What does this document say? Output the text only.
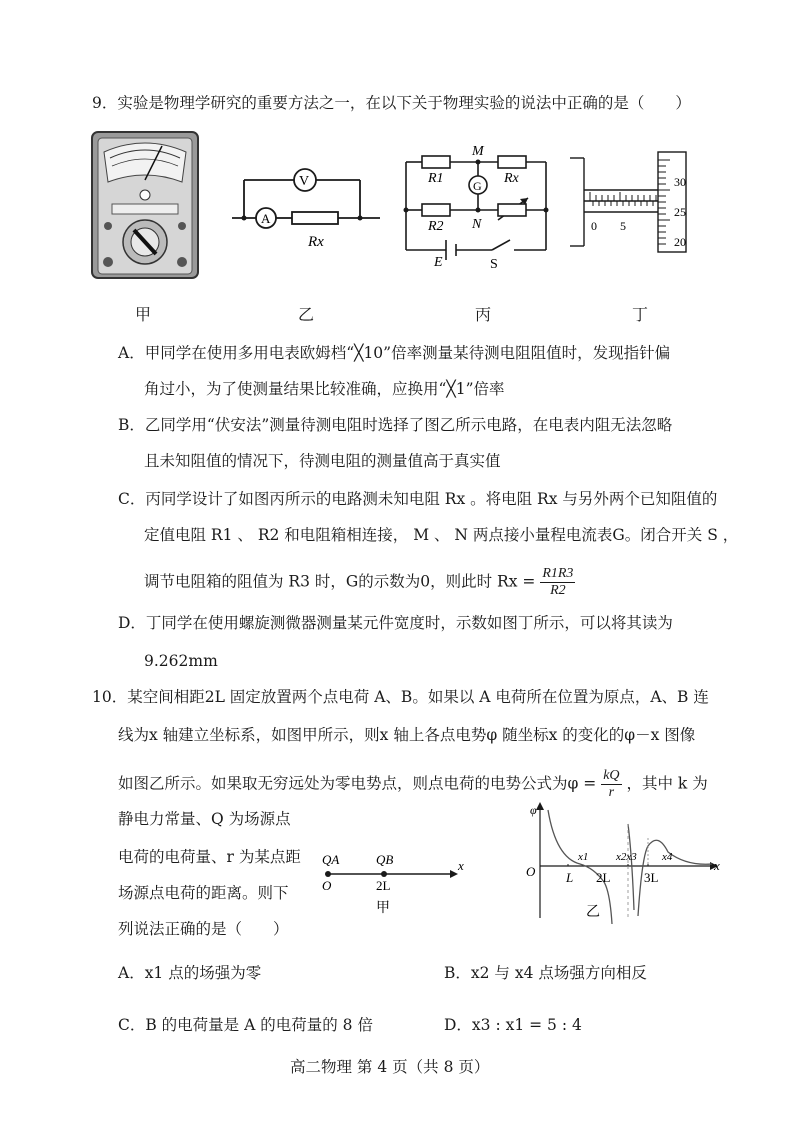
9．实验是物理学研究的重要方法之一，在以下关于物理实验的说法中正确的是（　　）
甲
V
A
Rx
乙
G
M
N
R1	Rx
R2
E	S
丙
0 5
30
25
20
丁
A．甲同学在使用多用电表欧姆档“╳10”倍率测量某待测电阻阻值时，发现指针偏
角过小，为了使测量结果比较准确，应换用“╳1”倍率
B．乙同学用“伏安法”测量待测电阻时选择了图乙所示电路，在电表内阻无法忽略
且未知阻值的情况下，待测电阻的测量值高于真实值
C．丙同学设计了如图丙所示的电路测未知电阻 Rx 。将电阻 Rx 与另外两个已知阻值的
定值电阻 R1 、 R2 和电阻箱相连接， M 、 N 两点接小量程电流表G。闭合开关 S ，
调节电阻箱的阻值为 R3 时，G的示数为0，则此时 $Rx = \frac{R1R3}{R2}$
D．丁同学在使用螺旋测微器测量某元件宽度时，示数如图丁所示，可以将其读为
9.262mm
10．某空间相距2L 固定放置两个点电荷 A、B。如果以 A 电荷所在位置为原点，A、B 连
线为x 轴建立坐标系，如图甲所示，则x 轴上各点电势φ 随坐标x 的变化的φ－x 图像
如图乙所示。如果取无穷远处为零电势点，则点电荷的电势公式为$\varphi = \frac{kQ}{r}$ ，其中 k 为
静电力常量、Q 为场源点
电荷的电荷量、r 为某点距
场源点电荷的距离。则下
列说法正确的是（　　）
QA	QB
O	2L
x
甲
φ
O L 2L	3L
x
x1	x2x3 x4
乙
A．x1 点的场强为零	B．x2 与 x4 点场强方向相反
C．B 的电荷量是 A 的电荷量的 8 倍	D．x3 : x1 = 5 : 4
高二物理 第 4 页（共 8 页）
